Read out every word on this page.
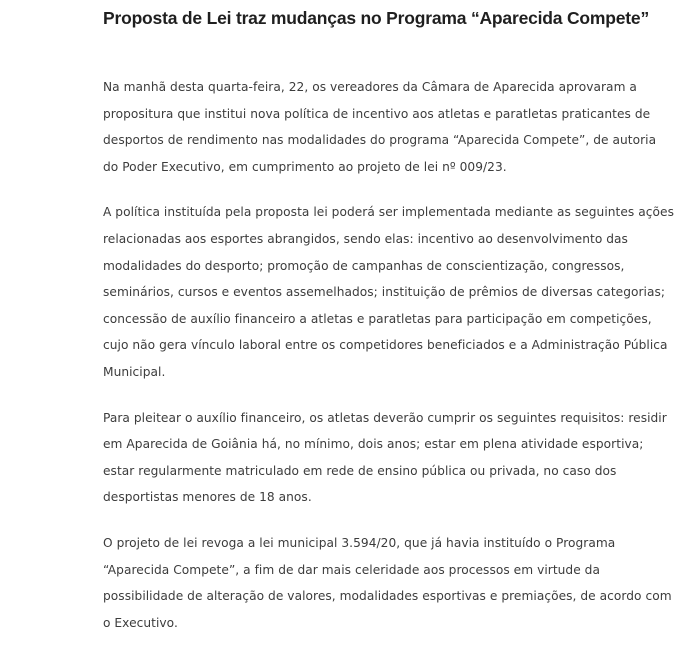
Proposta de Lei traz mudanças no Programa “Aparecida Compete”

Na manhã desta quarta-feira, 22, os vereadores da Câmara de Aparecida aprovaram a propositura que institui nova política de incentivo aos atletas e paratletas praticantes de desportos de rendimento nas modalidades do programa “Aparecida Compete”, de autoria do Poder Executivo, em cumprimento ao projeto de lei nº 009/23.

A política instituída pela proposta lei poderá ser implementada mediante as seguintes ações relacionadas aos esportes abrangidos, sendo elas: incentivo ao desenvolvimento das modalidades do desporto; promoção de campanhas de conscientização, congressos, seminários, cursos e eventos assemelhados; instituição de prêmios de diversas categorias; concessão de auxílio financeiro a atletas e paratletas para participação em competições, cujo não gera vínculo laboral entre os competidores beneficiados e a Administração Pública Municipal.

Para pleitear o auxílio financeiro, os atletas deverão cumprir os seguintes requisitos: residir em Aparecida de Goiânia há, no mínimo, dois anos; estar em plena atividade esportiva; estar regularmente matriculado em rede de ensino pública ou privada, no caso dos desportistas menores de 18 anos.

O projeto de lei revoga a lei municipal 3.594/20, que já havia instituído o Programa “Aparecida Compete”, a fim de dar mais celeridade aos processos em virtude da possibilidade de alteração de valores, modalidades esportivas e premiações, de acordo com o Executivo.
